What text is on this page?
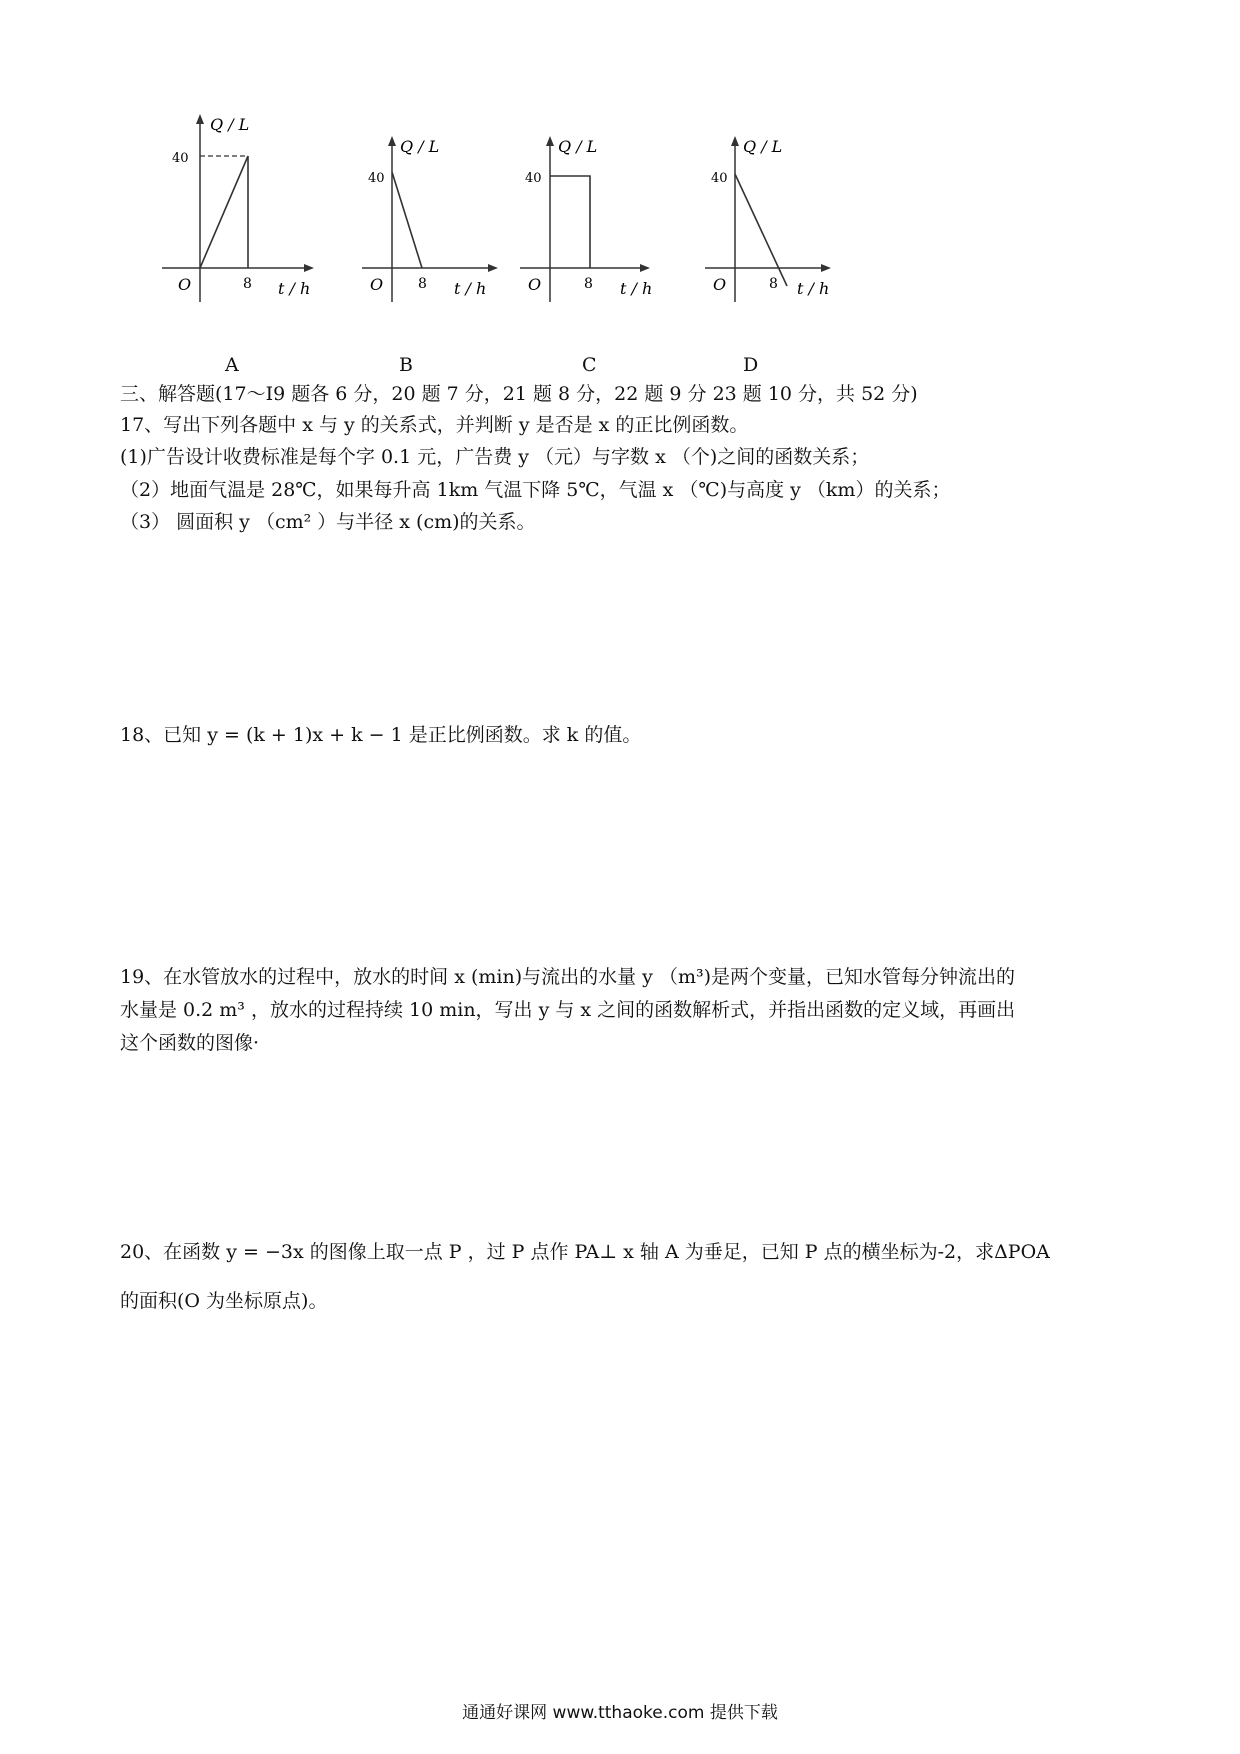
Q / L
40
8
O	t / h
A
Q / L
40
8
O	t / h
B
Q / L
40
8
O	t / h
C
Q / L
40
8
O	t / h
D
三、解答题(17～I9 题各 6 分，20 题 7 分，21 题 8 分，22 题 9 分 23 题 10 分，共 52 分)
17、写出下列各题中 x 与 y 的关系式，并判断 y 是否是 x 的正比例函数。
(1)广告设计收费标准是每个字 0.1 元，广告费 y （元）与字数 x （个)之间的函数关系；
（2）地面气温是 28℃，如果每升高 1km 气温下降 5℃，气温 x （℃)与高度 y （km）的关系；
（3） 圆面积 y （cm² ）与半径 x (cm)的关系。
18、已知 y = (k + 1)x + k − 1 是正比例函数。求 k 的值。
19、在水管放水的过程中，放水的时间 x (min)与流出的水量 y （m³)是两个变量，已知水管每分钟流出的
水量是 0.2 m³ ，放水的过程持续 10 min，写出 y 与 x 之间的函数解析式，并指出函数的定义域，再画出
这个函数的图像·
20、在函数 y = −3x 的图像上取一点 P ，过 P 点作 PA⊥ x 轴 A 为垂足，已知 P 点的横坐标为-2，求ΔPOA
的面积(O 为坐标原点)。
通通好课网 www.tthaoke.com 提供下载
